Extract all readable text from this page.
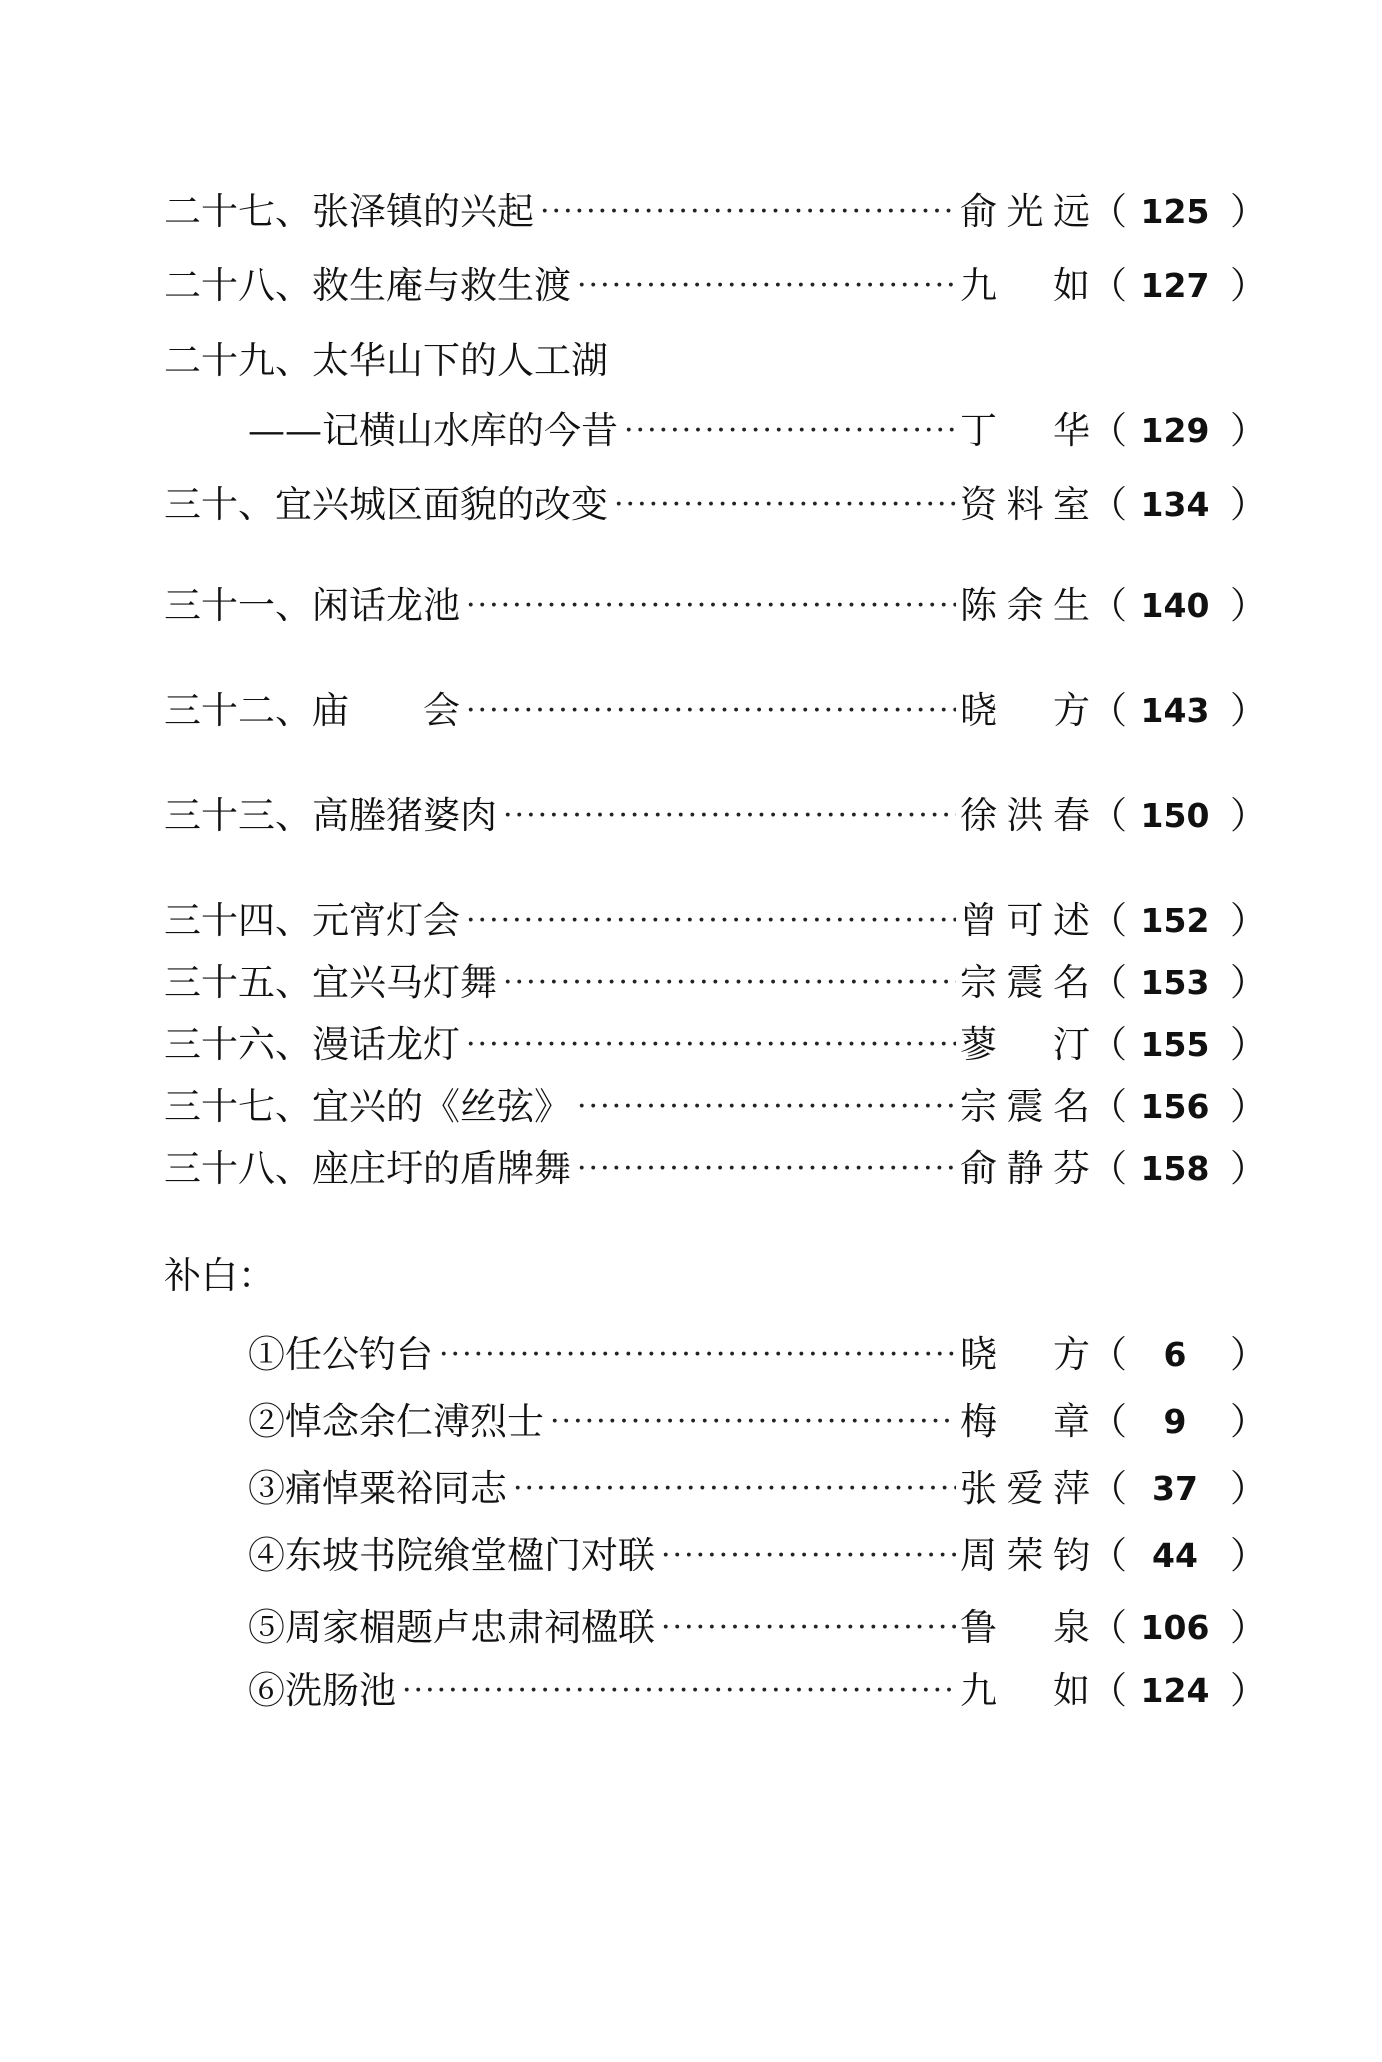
二十七、张泽镇的兴起 ·····	俞光远 （ 125 ）
二十八、救生庵与救生渡 ·····	九　如 （ 127 ）
二十九、太华山下的人工湖
——记横山水库的今昔 ·····	丁　华 （ 129 ）
三十、宜兴城区面貌的改变 ·····	资料室 （ 134 ）
三十一、闲话龙池 ·····	陈余生 （ 140 ）
三十二、庙　　会 ·····	晓　方 （ 143 ）
三十三、高塍猪婆肉 ·····	徐洪春 （ 150 ）
三十四、元宵灯会 ·····	曾可述 （ 152 ）
三十五、宜兴马灯舞 ·····	宗震名 （ 153 ）
三十六、漫话龙灯 ·····	蓼　汀 （ 155 ）
三十七、宜兴的《丝弦》 ·····	宗震名 （ 156 ）
三十八、座庄圩的盾牌舞 ·····	俞静芬 （ 158 ）
补白：
①任公钓台 ·····	晓　方 （	6	）
②悼念余仁溥烈士 ·····	梅　章 （	9	）
③痛悼粟裕同志 ·····	张爱萍 （ 37 ）
④东坡书院飨堂楹门对联 ·····	周荣钧 （ 44 ）
⑤周家楣题卢忠肃祠楹联 ·····	鲁　泉 （ 106 ）
⑥洗肠池 ·····	九　如 （ 124 ）
